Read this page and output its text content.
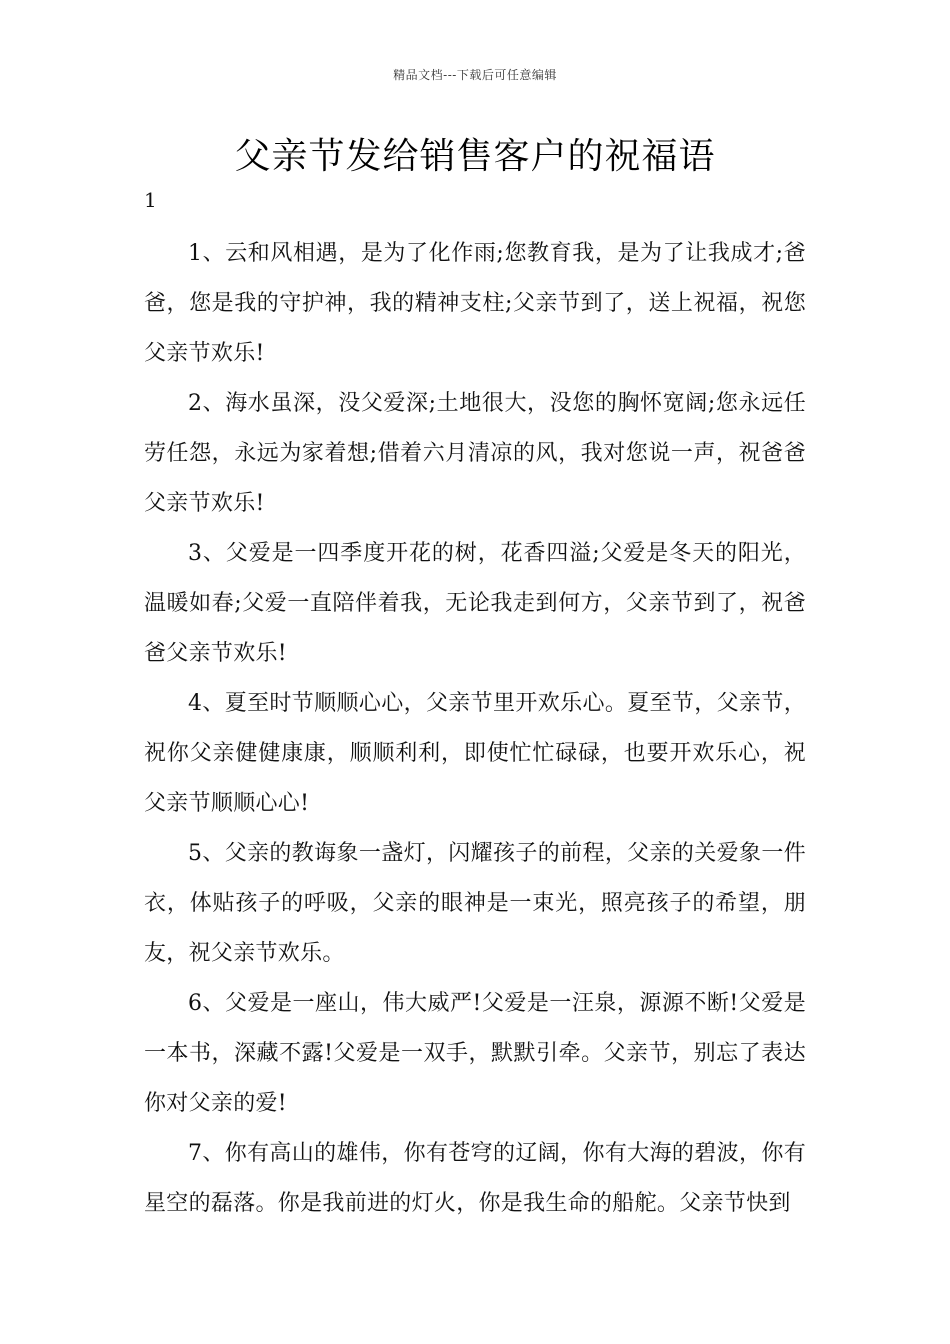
精品文档---下载后可任意编辑
父亲节发给销售客户的祝福语
1

1、云和风相遇，是为了化作雨;您教育我，是为了让我成才;爸爸，您是我的守护神，我的精神支柱;父亲节到了，送上祝福，祝您父亲节欢乐!

2、海水虽深，没父爱深;土地很大，没您的胸怀宽阔;您永远任劳任怨，永远为家着想;借着六月清凉的风，我对您说一声，祝爸爸父亲节欢乐!

3、父爱是一四季度开花的树，花香四溢;父爱是冬天的阳光，温暖如春;父爱一直陪伴着我，无论我走到何方，父亲节到了，祝爸爸父亲节欢乐!

4、夏至时节顺顺心心，父亲节里开欢乐心。夏至节，父亲节，祝你父亲健健康康，顺顺利利，即使忙忙碌碌，也要开欢乐心，祝父亲节顺顺心心!

5、父亲的教诲象一盏灯，闪耀孩子的前程，父亲的关爱象一件衣，体贴孩子的呼吸，父亲的眼神是一束光，照亮孩子的希望，朋友，祝父亲节欢乐。

6、父爱是一座山，伟大威严!父爱是一汪泉，源源不断!父爱是一本书，深藏不露!父爱是一双手，默默引牵。父亲节，别忘了表达你对父亲的爱!

7、你有高山的雄伟，你有苍穹的辽阔，你有大海的碧波，你有星空的磊落。你是我前进的灯火，你是我生命的船舵。父亲节快到
